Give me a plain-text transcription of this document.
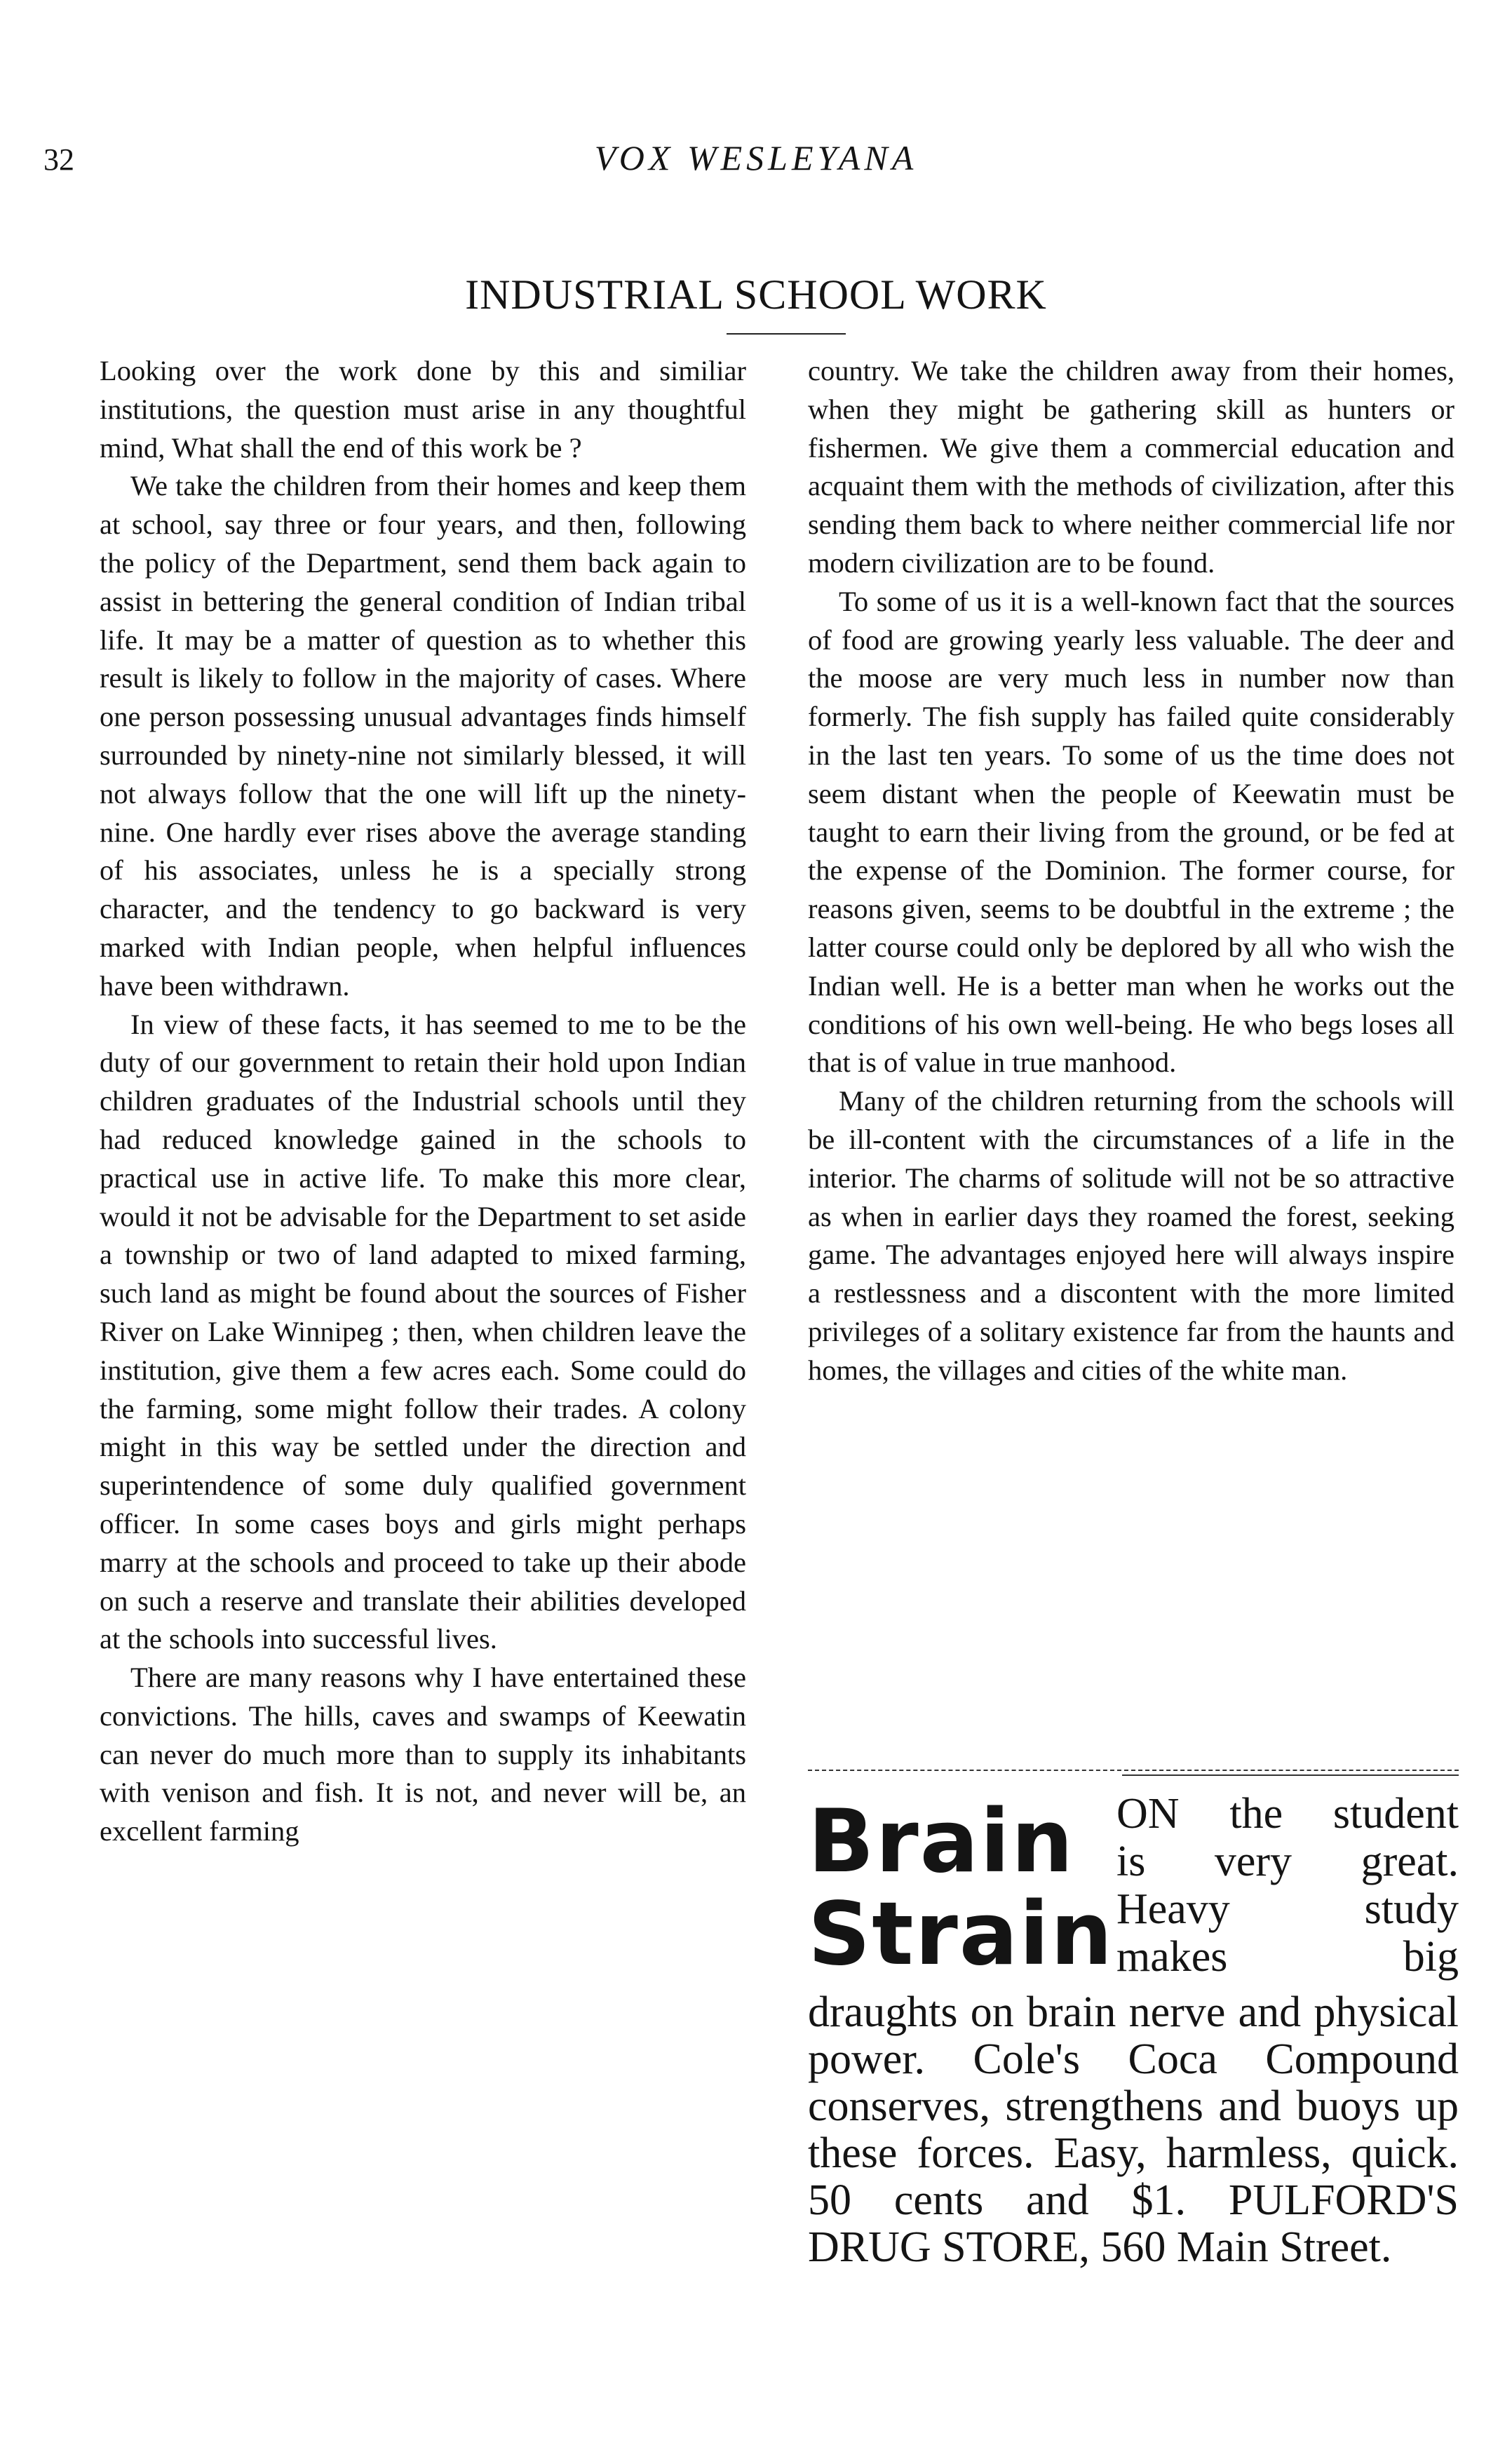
32	VOX WESLEYANA
INDUSTRIAL SCHOOL WORK

Looking over the work done by this and similiar institutions, the question must arise in any thoughtful mind, What shall the end of this work be ?

We take the children from their homes and keep them at school, say three or four years, and then, following the policy of the Department, send them back again to assist in bettering the general condition of Indian tribal life. It may be a matter of question as to whether this result is likely to follow in the majority of cases. Where one person possessing unusual advantages finds himself surrounded by ninety-nine not similarly blessed, it will not always follow that the one will lift up the ninety-nine. One hardly ever rises above the average standing of his associates, unless he is a specially strong character, and the tendency to go backward is very marked with Indian people, when helpful influences have been withdrawn.

In view of these facts, it has seemed to me to be the duty of our government to retain their hold upon Indian children graduates of the Industrial schools until they had reduced knowledge gained in the schools to practical use in active life. To make this more clear, would it not be advisable for the Department to set aside a township or two of land adapted to mixed farming, such land as might be found about the sources of Fisher River on Lake Winnipeg ; then, when children leave the institution, give them a few acres each. Some could do the farming, some might follow their trades. A colony might in this way be settled under the direction and superintendence of some duly qualified government officer. In some cases boys and girls might perhaps marry at the schools and proceed to take up their abode on such a reserve and translate their abilities developed at the schools into successful lives.

There are many reasons why I have entertained these convictions. The hills, caves and swamps of Keewatin can never do much more than to supply its inhabitants with venison and fish. It is not, and never will be, an excellent farming

country. We take the children away from their homes, when they might be gathering skill as hunters or fishermen. We give them a commercial education and acquaint them with the methods of civilization, after this sending them back to where neither commercial life nor modern civilization are to be found.

To some of us it is a well-known fact that the sources of food are growing yearly less valuable. The deer and the moose are very much less in number now than formerly. The fish supply has failed quite considerably in the last ten years. To some of us the time does not seem distant when the people of Keewatin must be taught to earn their living from the ground, or be fed at the expense of the Dominion. The former course, for reasons given, seems to be doubtful in the extreme ; the latter course could only be deplored by all who wish the Indian well. He is a better man when he works out the conditions of his own well-being. He who begs loses all that is of value in true manhood.

Many of the children returning from the schools will be ill-content with the circumstances of a life in the interior. The charms of solitude will not be so attractive as when in earlier days they roamed the forest, seeking game. The advantages enjoyed here will always inspire a restlessness and a discontent with the more limited privileges of a solitary existence far from the haunts and homes, the villages and cities of the white man.

Brain
Strain
ON the student
is very great.
Heavy study
makes big
draughts on brain nerve and physical power. Cole's Coca Compound conserves, strengthens and buoys up these forces. Easy, harmless, quick. 50 cents and $1. PULFORD'S DRUG STORE, 560 Main Street.
